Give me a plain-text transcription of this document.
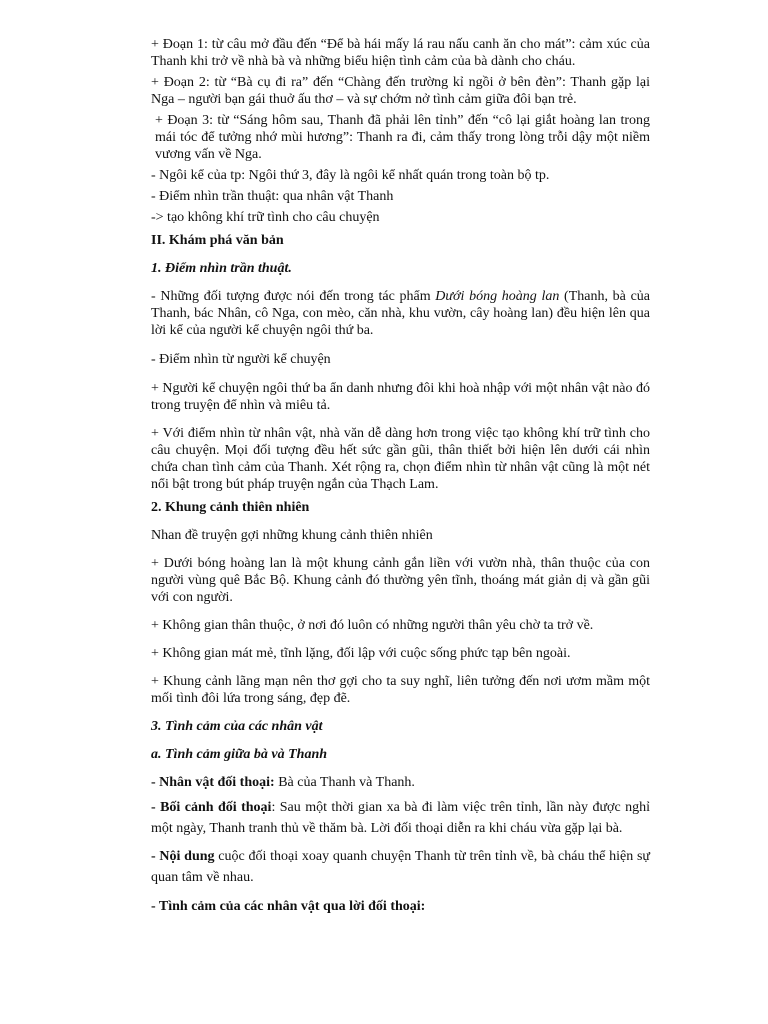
+ Đoạn 1: từ câu mở đầu đến “Để bà hái mấy lá rau nấu canh ăn cho mát”: cảm xúc của Thanh khi trở về nhà bà và những biểu hiện tình cảm của bà dành cho cháu.

+ Đoạn 2: từ “Bà cụ đi ra” đến “Chàng đến trường kỉ ngồi ở bên đèn”: Thanh gặp lại Nga – người bạn gái thuở ấu thơ – và sự chớm nở tình cảm giữa đôi bạn trẻ.

+ Đoạn 3: từ “Sáng hôm sau, Thanh đã phải lên tỉnh” đến “cô lại giắt hoàng lan trong mái tóc để tưởng nhớ mùi hương”: Thanh ra đi, cảm thấy trong lòng trỗi dậy một niềm vương vấn về Nga.

- Ngôi kể của tp: Ngôi thứ 3, đây là ngôi kể nhất quán trong toàn bộ tp.

- Điểm nhìn trần thuật: qua nhân vật Thanh

-> tạo không khí trữ tình cho câu chuyện

II. Khám phá văn bản

1. Điểm nhìn trần thuật.

- Những đối tượng được nói đến trong tác phẩm Dưới bóng hoàng lan (Thanh, bà của Thanh, bác Nhân, cô Nga, con mèo, căn nhà, khu vườn, cây hoàng lan) đều hiện lên qua lời kể của người kể chuyện ngôi thứ ba.

- Điểm nhìn từ người kể chuyện

+ Người kể chuyện ngôi thứ ba ẩn danh nhưng đôi khi hoà nhập với một nhân vật nào đó trong truyện để nhìn và miêu tả.

+ Với điểm nhìn từ nhân vật, nhà văn dễ dàng hơn trong việc tạo không khí trữ tình cho câu chuyện. Mọi đối tượng đều hết sức gần gũi, thân thiết bởi hiện lên dưới cái nhìn chứa chan tình cảm của Thanh. Xét rộng ra, chọn điểm nhìn từ nhân vật cũng là một nét nổi bật trong bút pháp truyện ngắn của Thạch Lam.

2. Khung cảnh thiên nhiên

Nhan đề truyện gợi những khung cảnh thiên nhiên

+ Dưới bóng hoàng lan là một khung cảnh gắn liền với vườn nhà, thân thuộc của con người vùng quê Bắc Bộ. Khung cảnh đó thường yên tĩnh, thoáng mát giản dị và gần gũi với con người.

+ Không gian thân thuộc, ở nơi đó luôn có những người thân yêu chờ ta trở về.

+ Không gian mát mẻ, tĩnh lặng, đối lập với cuộc sống phức tạp bên ngoài.

+ Khung cảnh lãng mạn nên thơ gợi cho ta suy nghĩ, liên tưởng đến nơi ươm mầm một mối tình đôi lứa trong sáng, đẹp đẽ.

3. Tình cảm của các nhân vật

a. Tình cảm giữa bà và Thanh

- Nhân vật đối thoại: Bà của Thanh và Thanh.

- Bối cảnh đối thoại: Sau một thời gian xa bà đi làm việc trên tỉnh, lần này được nghỉ một ngày, Thanh tranh thủ về thăm bà. Lời đối thoại diễn ra khi cháu vừa gặp lại bà.

- Nội dung cuộc đối thoại xoay quanh chuyện Thanh từ trên tỉnh về, bà cháu thể hiện sự quan tâm về nhau.

- Tình cảm của các nhân vật qua lời đối thoại:
